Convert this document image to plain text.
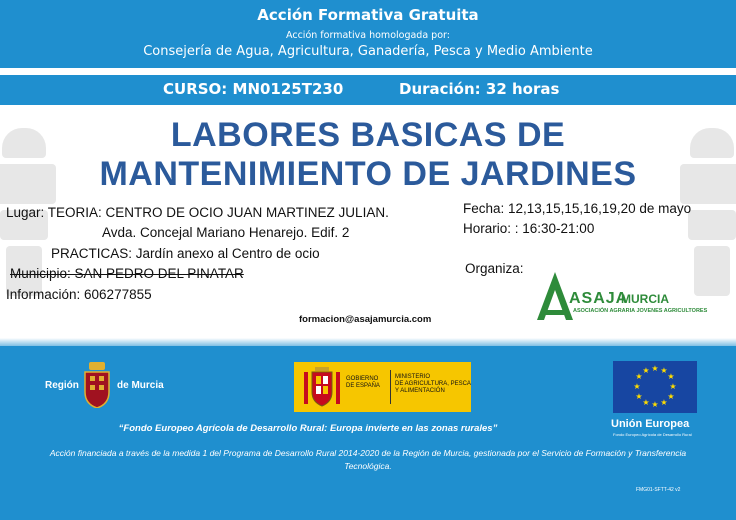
Acción Formativa Gratuita
Acción formativa homologada por:
Consejería de Agua, Agricultura, Ganadería, Pesca y Medio Ambiente
CURSO: MN0125T230	Duración: 32 horas
LABORES BASICAS DE
MANTENIMIENTO DE JARDINES
Lugar: TEORIA: CENTRO DE OCIO JUAN MARTINEZ JULIAN.
Avda. Concejal Mariano Henarejo. Edif. 2
PRACTICAS: Jardín anexo al Centro de ocio
Municipio: SAN PEDRO DEL PINATAR
Información: 606277855
Fecha: 12,13,15,15,16,19,20 de mayo
Horario: : 16:30-21:00
Organiza:
ASAJA
MURCIA
ASOCIACIÓN AGRARIA JOVENES AGRICULTORES
formacion@asajamurcia.com
Región	de Murcia
GOBIERNO
DE ESPAÑA
MINISTERIO
DE AGRICULTURA, PESCA
Y ALIMENTACIÓN
★ ★
★
★
★
★
★
★
★
★
★
★
Unión Europea
Fondo Europeo Agrícola de Desarrollo Rural
“Fondo Europeo Agrícola de Desarrollo Rural: Europa invierte en las zonas rurales”
Acción financiada a través de la medida 1 del Programa de Desarrollo Rural 2014-2020 de la Región de Murcia, gestionada por el Servicio de Formación y Transferencia Tecnológica.
FMG01-SFTT-42 v2
